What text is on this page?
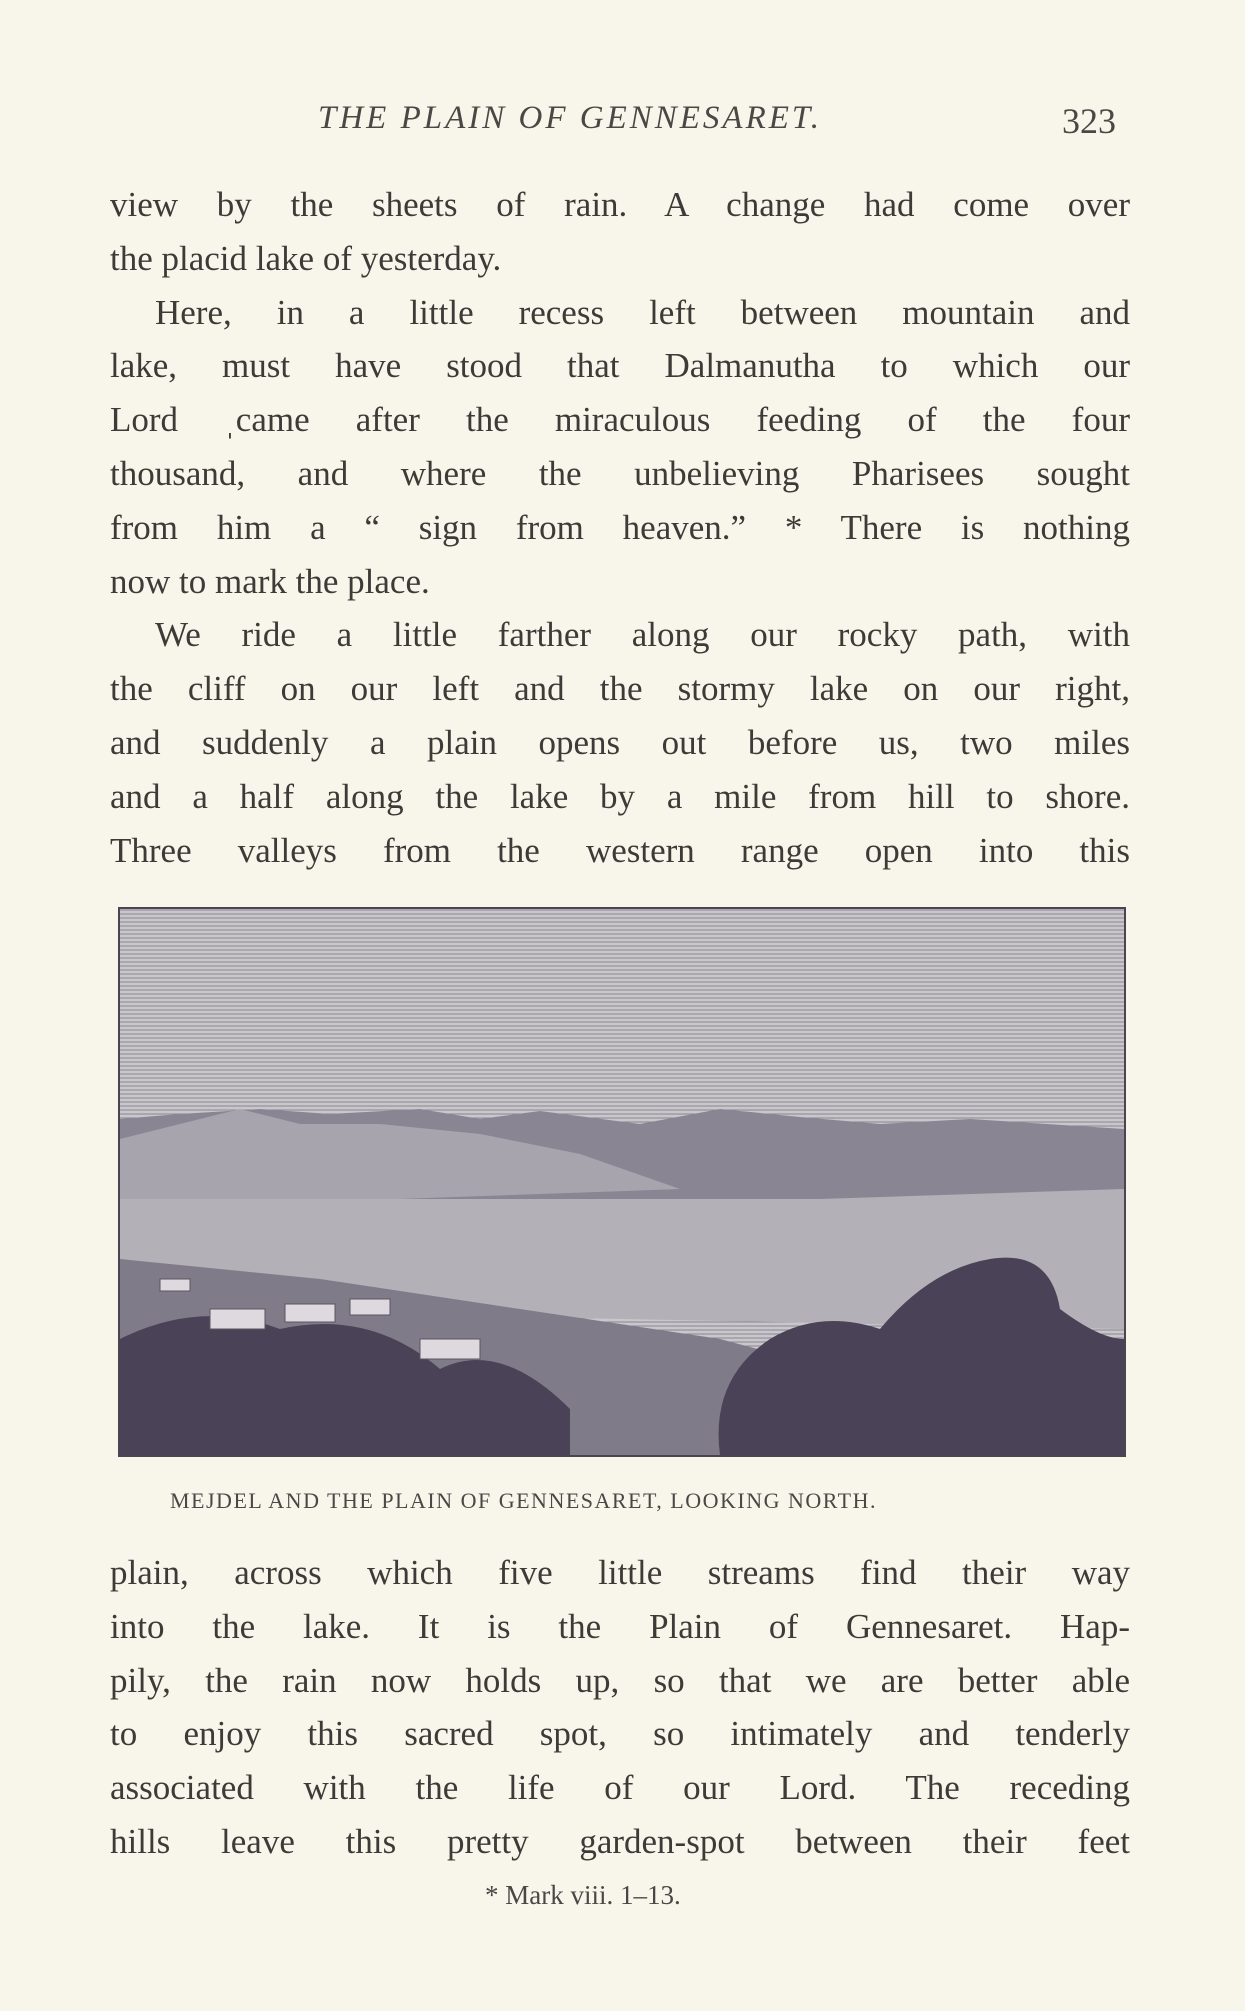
THE PLAIN OF GENNESARET.	323
view by the sheets of rain. A change had come over
the placid lake of yesterday.
Here, in a little recess left between mountain and
lake, must have stood that Dalmanutha to which our
Lord ˌcame after the miraculous feeding of the four
thousand, and where the unbelieving Pharisees sought
from him a “ sign from heaven.” * There is nothing
now to mark the place.
We ride a little farther along our rocky path, with
the cliff on our left and the stormy lake on our right,
and suddenly a plain opens out before us, two miles
and a half along the lake by a mile from hill to shore.
Three valleys from the western range open into this
MEJDEL AND THE PLAIN OF GENNESARET, LOOKING NORTH.
plain, across which five little streams find their way
into the lake. It is the Plain of Gennesaret. Hap-
pily, the rain now holds up, so that we are better able
to enjoy this sacred spot, so intimately and tenderly
associated with the life of our Lord. The receding
hills leave this pretty garden-spot between their feet
* Mark viii. 1–13.
